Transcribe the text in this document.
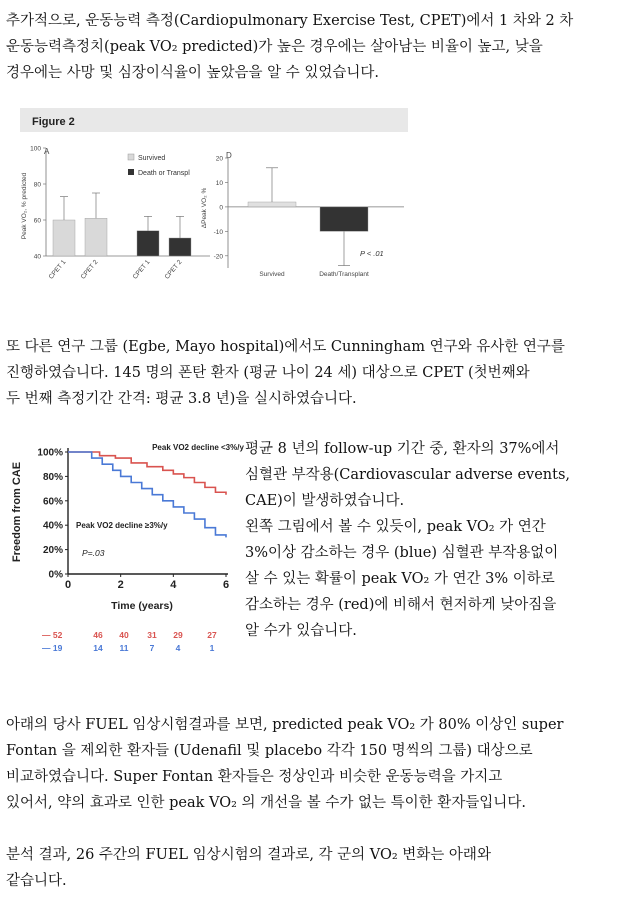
추가적으로, 운동능력 측정(Cardiopulmonary Exercise Test, CPET)에서 1 차와 2 차
운동능력측정치(peak VO₂ predicted)가 높은 경우에는 살아남는 비율이 높고, 낮을
경우에는 사망 및 심장이식율이 높았음을 알 수 있었습니다.
Figure 2
A
Peak VO₂, % predicted
Survived
Death or Transpl
40
60
80
100
CPET 1 CPET 2	CPET 1 CPET 2
D
ΔPeak VO₂ %
P < .01
20
10
0
-10
-20
Survived	Death/Transplant
또 다른 연구 그룹 (Egbe, Mayo hospital)에서도 Cunningham 연구와 유사한 연구를
진행하였습니다. 145 명의 폰탄 환자 (평균 나이 24 세) 대상으로 CPET (첫번째와
두 번째 측정기간 간격: 평균 3.8 년)을 실시하였습니다.
Freedom from CAE
Time (years)
Peak VO2 decline <3%/y
Peak VO2 decline ≥3%/y
P=.03
— 52	46 40 31 29	27
— 19	14 11 7	4	1
0%
20%
40%
60%
80%
100%
0	2	4	6
평균 8 년의 follow-up 기간 중, 환자의 37%에서
심혈관 부작용(Cardiovascular adverse events,
CAE)이 발생하였습니다.
왼쪽 그림에서 볼 수 있듯이, peak VO₂ 가 연간
3%이상 감소하는 경우 (blue) 심혈관 부작용없이
살 수 있는 확률이 peak VO₂ 가 연간 3% 이하로
감소하는 경우 (red)에 비해서 현저하게 낮아짐을
알 수가 있습니다.
아래의 당사 FUEL 임상시험결과를 보면, predicted peak VO₂ 가 80% 이상인 super
Fontan 을 제외한 환자들 (Udenafil 및 placebo 각각 150 명씩의 그룹) 대상으로
비교하였습니다. Super Fontan 환자들은 정상인과 비슷한 운동능력을 가지고
있어서, 약의 효과로 인한 peak VO₂ 의 개선을 볼 수가 없는 특이한 환자들입니다.
분석 결과, 26 주간의 FUEL 임상시험의 결과로, 각 군의 VO₂ 변화는 아래와
같습니다.
